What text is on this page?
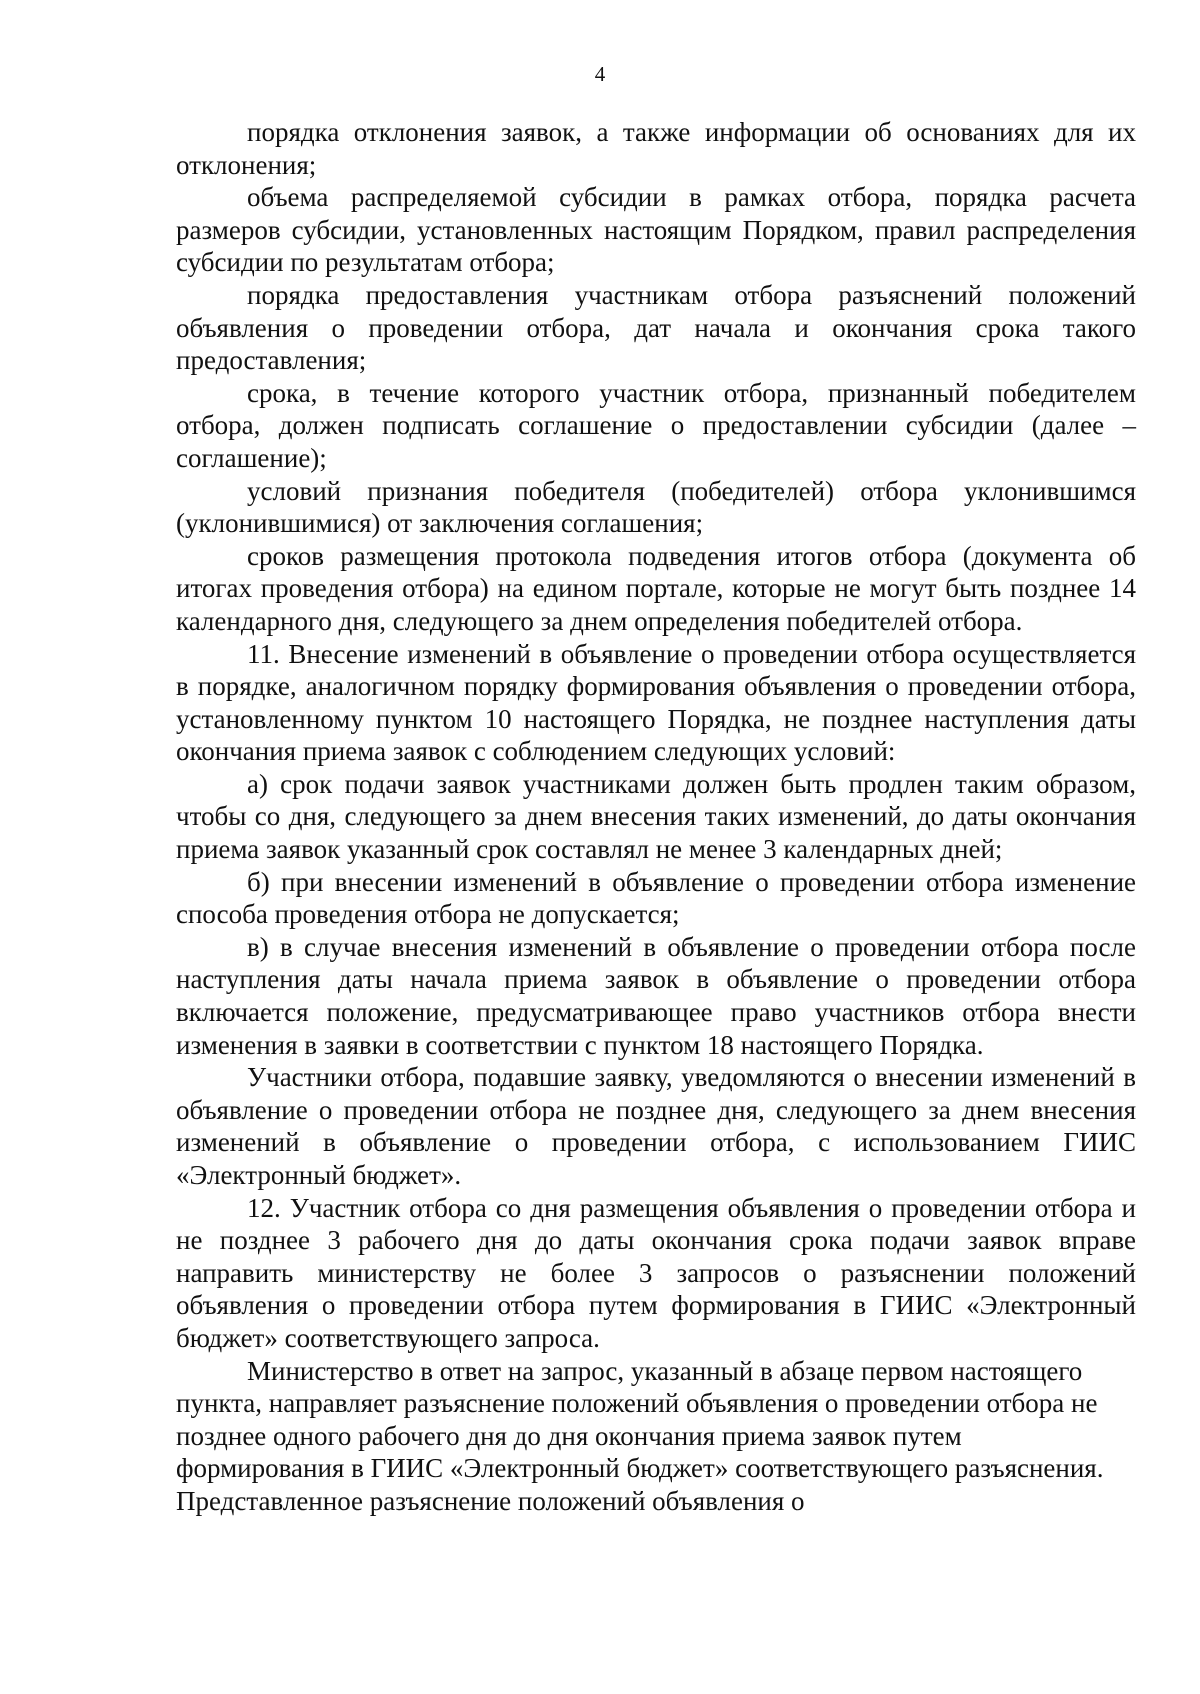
4

порядка отклонения заявок, а также информации об основаниях для их отклонения;

объема распределяемой субсидии в рамках отбора, порядка расчета размеров субсидии, установленных настоящим Порядком, правил распределения субсидии по результатам отбора;

порядка предоставления участникам отбора разъяснений положений объявления о проведении отбора, дат начала и окончания срока такого предоставления;

срока, в течение которого участник отбора, признанный победителем отбора, должен подписать соглашение о предоставлении субсидии (далее – соглашение);

условий признания победителя (победителей) отбора уклонившимся (уклонившимися) от заключения соглашения;

сроков размещения протокола подведения итогов отбора (документа об итогах проведения отбора) на едином портале, которые не могут быть позднее 14 календарного дня, следующего за днем определения победителей отбора.

11. Внесение изменений в объявление о проведении отбора осуществляется в порядке, аналогичном порядку формирования объявления о проведении отбора, установленному пунктом 10 настоящего Порядка, не позднее наступления даты окончания приема заявок с соблюдением следующих условий:

а) срок подачи заявок участниками должен быть продлен таким образом, чтобы со дня, следующего за днем внесения таких изменений, до даты окончания приема заявок указанный срок составлял не менее 3 календарных дней;

б) при внесении изменений в объявление о проведении отбора изменение способа проведения отбора не допускается;

в) в случае внесения изменений в объявление о проведении отбора после наступления даты начала приема заявок в объявление о проведении отбора включается положение, предусматривающее право участников отбора внести изменения в заявки в соответствии с пунктом 18 настоящего Порядка.

Участники отбора, подавшие заявку, уведомляются о внесении изменений в объявление о проведении отбора не позднее дня, следующего за днем внесения изменений в объявление о проведении отбора, с использованием ГИИС «Электронный бюджет».

12. Участник отбора со дня размещения объявления о проведении отбора и не позднее 3 рабочего дня до даты окончания срока подачи заявок вправе направить министерству не более 3 запросов о разъяснении положений объявления о проведении отбора путем формирования в ГИИС «Электронный бюджет» соответствующего запроса.

Министерство в ответ на запрос, указанный в абзаце первом настоящего пункта, направляет разъяснение положений объявления о проведении отбора не позднее одного рабочего дня до дня окончания приема заявок путем формирования в ГИИС «Электронный бюджет» соответствующего разъяснения. Представленное разъяснение положений объявления о
